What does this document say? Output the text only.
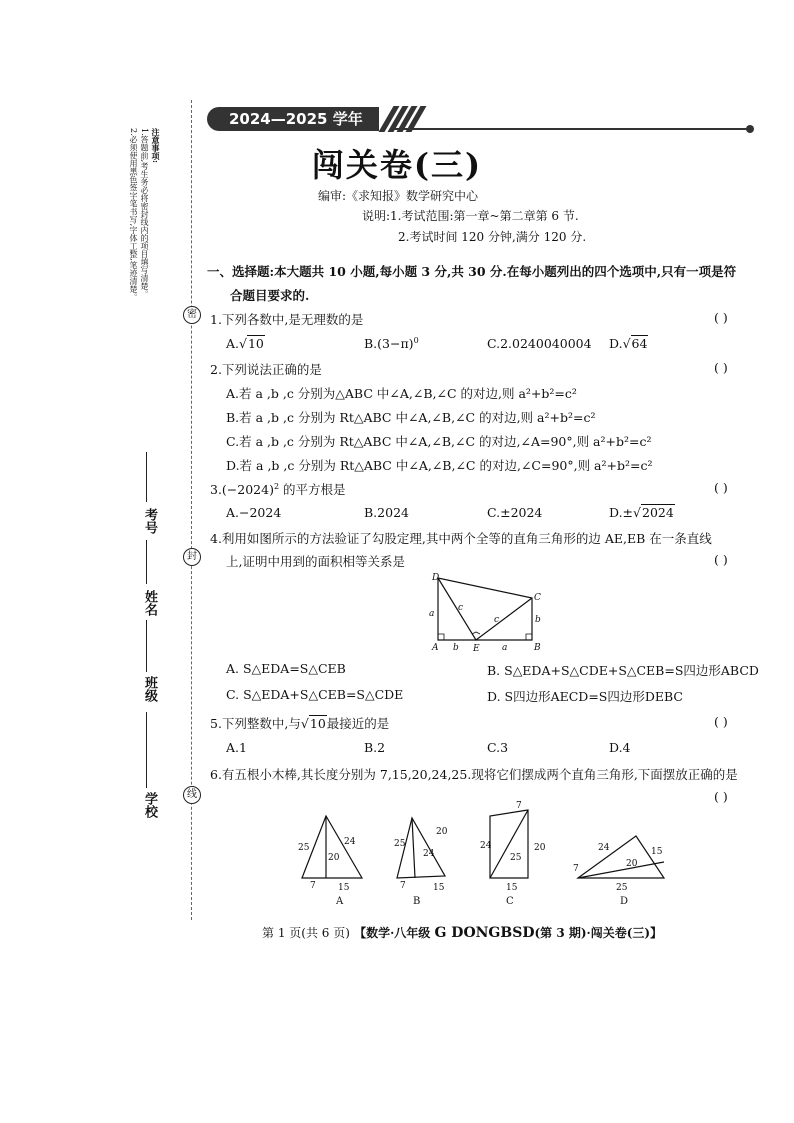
注意事项:
1.答题前,考生务必将密封线内的项目填写清楚。
2.必须使用黑色签字笔书写,字体工整,笔迹清楚。
考号
姓名
班级
学校
密
封
线
2024—2025 学年
闯关卷(三)
编审:《求知报》数学研究中心
说明:1.考试范围:第一章~第二章第 6 节.
2.考试时间 120 分钟,满分 120 分.
一、选择题:本大题共 10 小题,每小题 3 分,共 30 分.在每小题列出的四个选项中,只有一项是符
合题目要求的.
1.下列各数中,是无理数的是	( )
A.√10	$B.(3-\pi)^0$	C.2.0240040004 D.√64
2.下列说法正确的是	( )
A.若 a ,b ,c 分别为△ABC 中∠A,∠B,∠C 的对边,则 a²+b²=c²
B.若 a ,b ,c 分别为 Rt△ABC 中∠A,∠B,∠C 的对边,则 a²+b²=c²
C.若 a ,b ,c 分别为 Rt△ABC 中∠A,∠B,∠C 的对边,∠A=90°,则 a²+b²=c²
D.若 a ,b ,c 分别为 Rt△ABC 中∠A,∠B,∠C 的对边,∠C=90°,则 a²+b²=c²
$3.(-2024)^2$ 的平方根是	( )
A.−2024	B.2024	C.±2024	D.±√2024
4.利用如图所示的方法验证了勾股定理,其中两个全等的直角三角形的边 AE,EB 在一条直线
上,证明中用到的面积相等关系是	( )
D
C
A	B
E
a
a
b
b
c
c
A. S△EDA=S△CEB	B. S△EDA+S△CDE+S△CEB=S四边形ABCD
C. S△EDA+S△CEB=S△CDE	D. S四边形AECD=S四边形DEBC
5.下列整数中,与√10最接近的是	( )
A.1	B.2	C.3	D.4
6.有五根小木棒,其长度分别为 7,15,20,24,25.现将它们摆成两个直角三角形,下面摆放正确的是
( )
25
24
20
7 15
A
25
20
24
7	15
B
7
24
25
20
15
C
24	15
20
7
25
D
第 1 页(共 6 页) 【数学·八年级 G DONGBSD(第 3 期)·闯关卷(三)】
